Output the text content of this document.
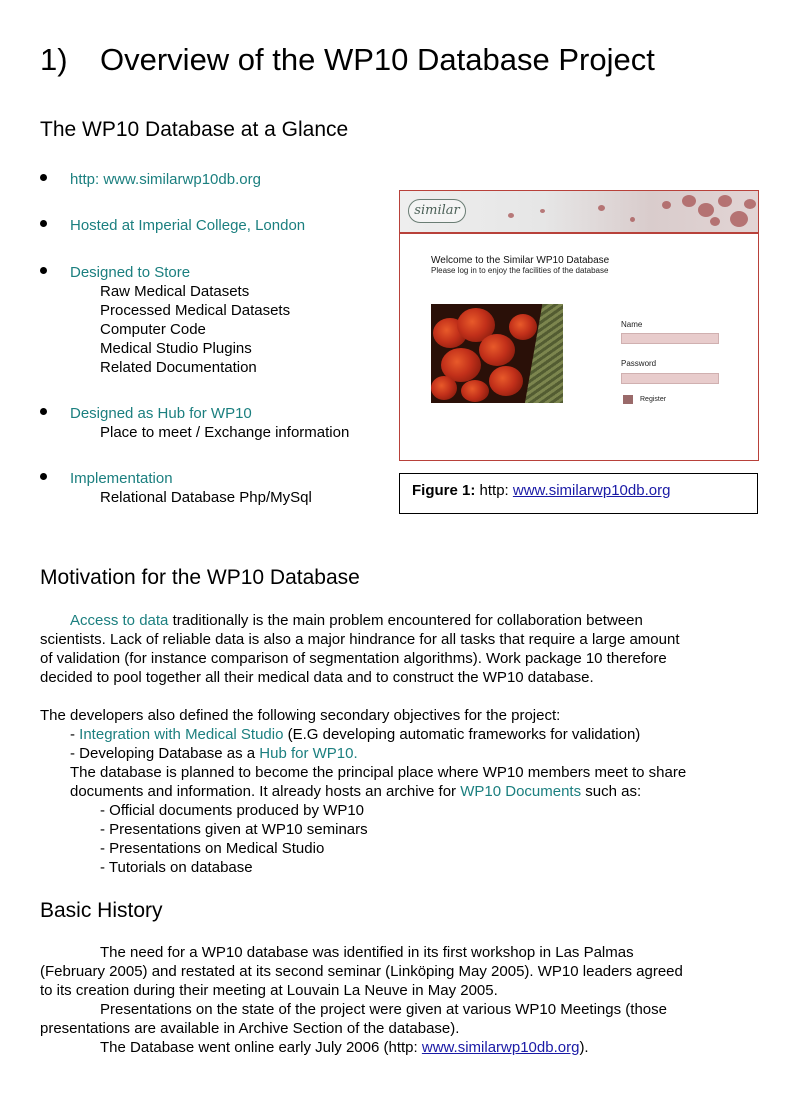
1) Overview of the WP10 Database Project
The WP10 Database at a Glance
http: www.similarwp10db.org
Hosted at Imperial College, London
Designed to Store
Raw Medical Datasets
Processed Medical Datasets
Computer Code
Medical Studio Plugins
Related Documentation
Designed as Hub for WP10
Place to meet / Exchange information
Implementation
Relational Database Php/MySql
similar
Welcome to the Similar WP10 Database
Please log in to enjoy the facilities of the database
Name
Password
Register
Figure 1: http: www.similarwp10db.org
Motivation for the WP10 Database
Access to data traditionally is the main problem encountered for collaboration between
scientists. Lack of reliable data is also a major hindrance for all tasks that require a large amount
of validation (for instance comparison of segmentation algorithms). Work package 10 therefore
decided to pool together all their medical data and to construct the WP10 database.
The developers also defined the following secondary objectives for the project:
- Integration with Medical Studio (E.G developing automatic frameworks for validation)
- Developing Database as a Hub for WP10.
The database is planned to become the principal place where WP10 members meet to share
documents and information. It already hosts an archive for WP10 Documents such as:
- Official documents produced by WP10
- Presentations given at WP10 seminars
- Presentations on Medical Studio
- Tutorials on database
Basic History
The need for a WP10 database was identified in its first workshop in Las Palmas
(February 2005) and restated at its second seminar (Linköping May 2005). WP10 leaders agreed
to its creation during their meeting at Louvain La Neuve in May 2005.
Presentations on the state of the project were given at various WP10 Meetings (those
presentations are available in Archive Section of the database).
The Database went online early July 2006 (http: www.similarwp10db.org).
